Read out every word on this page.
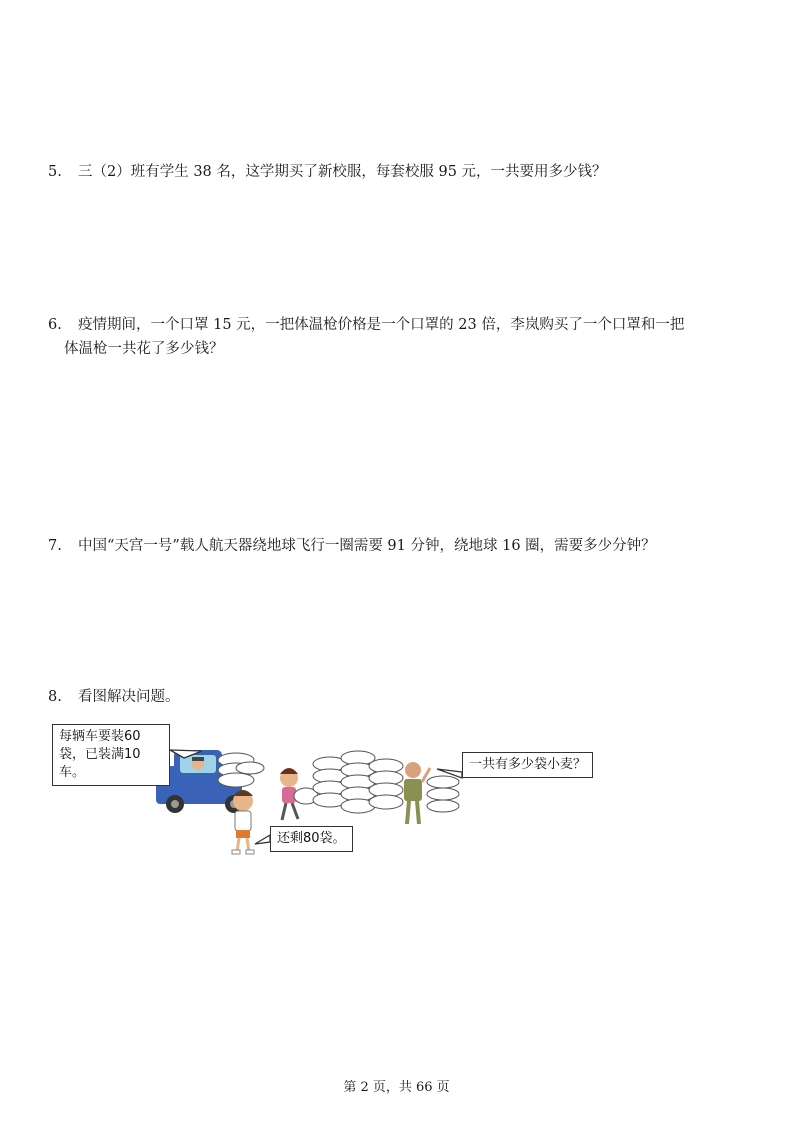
5. 三（2）班有学生 38 名，这学期买了新校服，每套校服 95 元，一共要用多少钱？
6. 疫情期间，一个口罩 15 元，一把体温枪价格是一个口罩的 23 倍，李岚购买了一个口罩和一把
体温枪一共花了多少钱？
7. 中国“天宫一号”载人航天器绕地球飞行一圈需要 91 分钟，绕地球 16 圈，需要多少分钟？
8. 看图解决问题。
每辆车要装60
袋，已装满10车。
还剩80袋。
一共有多少袋小麦？
第 2 页，共 66 页
